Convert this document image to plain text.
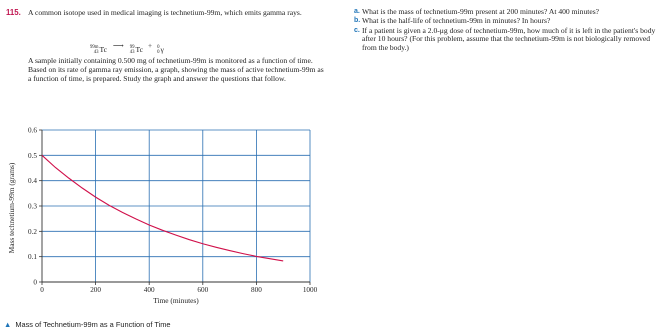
115. A common isotope used in medical imaging is technetium-99m, which emits gamma rays.
99m
43 Tc ⟶ 99
43 Tc + 0
0 γ
A sample initially containing 0.500 mg of technetium-99m is monitored as a function of time. Based on its rate of gamma ray emission, a graph, showing the mass of active technetium-99m as a function of time, is prepared. Study the graph and answer the questions that follow.
0	200	400	600	800	1000
0
0.1
0.2
0.3
0.4
0.5
0.6
Time (minutes)
Mass technetium-99m (grams)
▲ Mass of Technetium-99m as a Function of Time
a. What is the mass of technetium-99m present at 200 minutes? At 400 minutes?
b. What is the half-life of technetium-99m in minutes? In hours?
c. If a patient is given a 2.0-μg dose of technetium-99m, how much of it is left in the patient's body after 10 hours? (For this problem, assume that the technetium-99m is not biologically removed from the body.)
